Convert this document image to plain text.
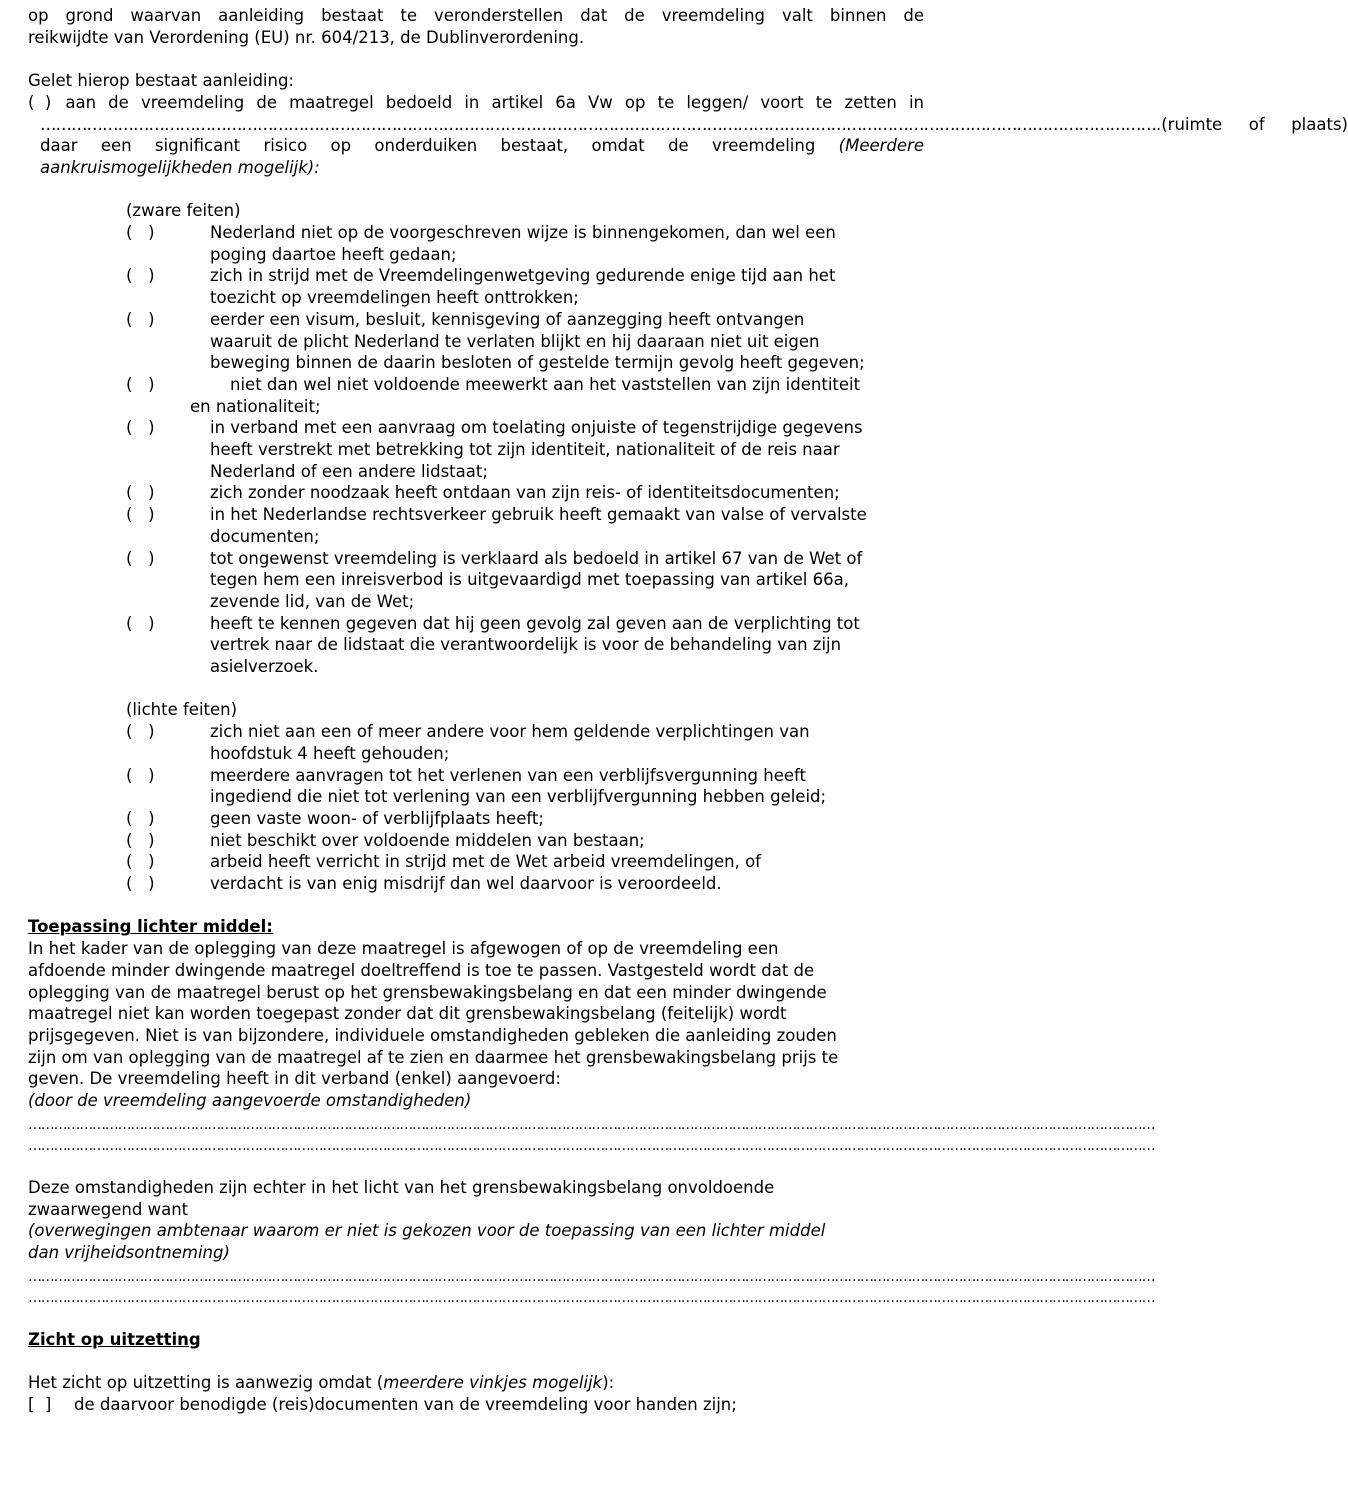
op grond waarvan aanleiding bestaat te veronderstellen dat de vreemdeling valt binnen de
reikwijdte van Verordening (EU) nr. 604/213, de Dublinverordening.
Gelet hierop bestaat aanleiding:
(  ) aan de vreemdeling de maatregel bedoeld in artikel 6a Vw op te leggen/ voort te zetten in
……………………………………………………………………………………………………………………………………………………………………………………………… .(ruimte of plaats)
daar een significant risico op onderduiken bestaat, omdat de vreemdeling (Meerdere
aankruismogelijkheden mogelijk):
(zware feiten)
(   )	Nederland niet op de voorgeschreven wijze is binnengekomen, dan wel een
poging daartoe heeft gedaan;
(   )	zich in strijd met de Vreemdelingenwetgeving gedurende enige tijd aan het
toezicht op vreemdelingen heeft onttrokken;
(   )	eerder een visum, besluit, kennisgeving of aanzegging heeft ontvangen
waaruit de plicht Nederland te verlaten blijkt en hij daaraan niet uit eigen
beweging binnen de daarin besloten of gestelde termijn gevolg heeft gegeven;
(   )	niet dan wel niet voldoende meewerkt aan het vaststellen van zijn identiteit
en nationaliteit;
(   )	in verband met een aanvraag om toelating onjuiste of tegenstrijdige gegevens
heeft verstrekt met betrekking tot zijn identiteit, nationaliteit of de reis naar
Nederland of een andere lidstaat;
(   )	zich zonder noodzaak heeft ontdaan van zijn reis- of identiteitsdocumenten;
(   )	in het Nederlandse rechtsverkeer gebruik heeft gemaakt van valse of vervalste
documenten;
(   )	tot ongewenst vreemdeling is verklaard als bedoeld in artikel 67 van de Wet of
tegen hem een inreisverbod is uitgevaardigd met toepassing van artikel 66a,
zevende lid, van de Wet;
(   )	heeft te kennen gegeven dat hij geen gevolg zal geven aan de verplichting tot
vertrek naar de lidstaat die verantwoordelijk is voor de behandeling van zijn
asielverzoek.
(lichte feiten)
(   )	zich niet aan een of meer andere voor hem geldende verplichtingen van
hoofdstuk 4 heeft gehouden;
(   )	meerdere aanvragen tot het verlenen van een verblijfsvergunning heeft
ingediend die niet tot verlening van een verblijfvergunning hebben geleid;
(   )	geen vaste woon- of verblijfplaats heeft;
(   )	niet beschikt over voldoende middelen van bestaan;
(   )	arbeid heeft verricht in strijd met de Wet arbeid vreemdelingen, of
(   )	verdacht is van enig misdrijf dan wel daarvoor is veroordeeld.
Toepassing lichter middel:
In het kader van de oplegging van deze maatregel is afgewogen of op de vreemdeling een
afdoende minder dwingende maatregel doeltreffend is toe te passen. Vastgesteld wordt dat de
oplegging van de maatregel berust op het grensbewakingsbelang en dat een minder dwingende
maatregel niet kan worden toegepast zonder dat dit grensbewakingsbelang (feitelijk) wordt
prijsgegeven. Niet is van bijzondere, individuele omstandigheden gebleken die aanleiding zouden
zijn om van oplegging van de maatregel af te zien en daarmee het grensbewakingsbelang prijs te
geven. De vreemdeling heeft in dit verband (enkel) aangevoerd:
(door de vreemdeling aangevoerde omstandigheden)
…………………………………………………………………………………………………………………………………………………………………………………………………………………………………………
…………………………………………………………………………………………………………………………………………………………………………………………………………………………………………
Deze omstandigheden zijn echter in het licht van het grensbewakingsbelang onvoldoende
zwaarwegend want
(overwegingen ambtenaar waarom er niet is gekozen voor de toepassing van een lichter middel
dan vrijheidsontneming)
…………………………………………………………………………………………………………………………………………………………………………………………………………………………………………
…………………………………………………………………………………………………………………………………………………………………………………………………………………………………………
Zicht op uitzetting
Het zicht op uitzetting is aanwezig omdat (meerdere vinkjes mogelijk):
[  ]	de daarvoor benodigde (reis)documenten van de vreemdeling voor handen zijn;
